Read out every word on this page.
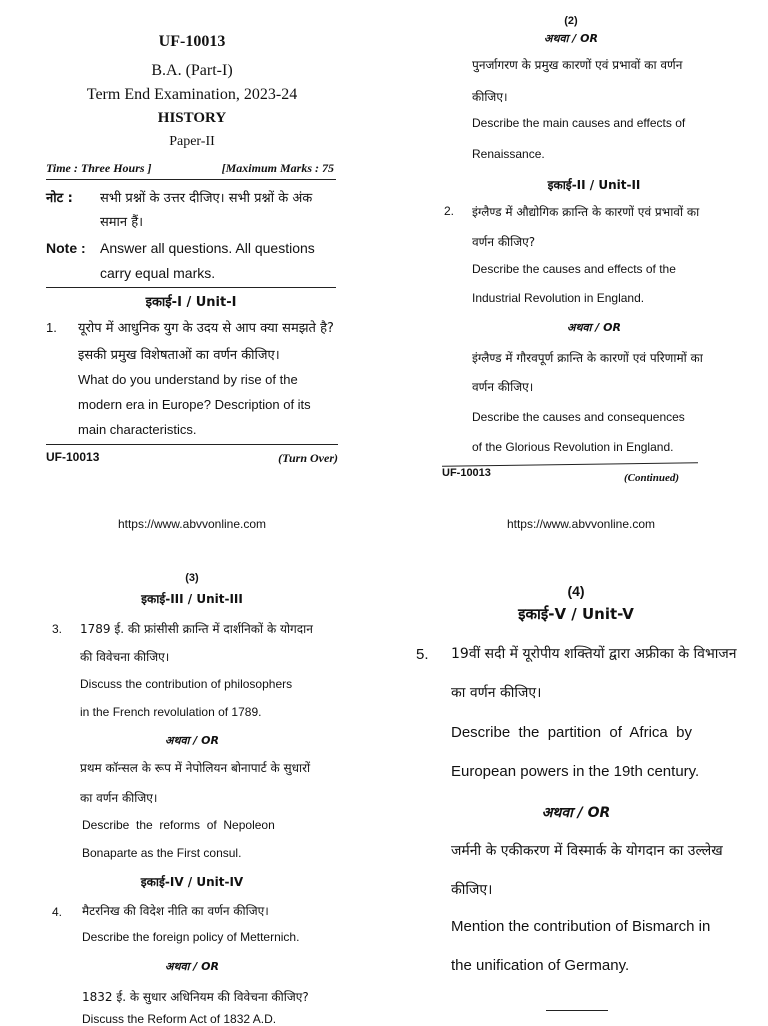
UF-10013
B.A. (Part-I)
Term End Examination, 2023-24
HISTORY
Paper-II
Time : Three Hours ]	[Maximum Marks : 75
नोट : सभी प्रश्नों के उत्तर दीजिए। सभी प्रश्नों के अंक
समान हैं।
Note : Answer all questions. All questions
carry equal marks.
इकाई-I / Unit-I
1. यूरोप में आधुनिक युग के उदय से आप क्या समझते है?
इसकी प्रमुख विशेषताओं का वर्णन कीजिए।
What do you understand by rise of the
modern era in Europe? Description of its
main characteristics.
UF-10013	(Turn Over)
https://www.abvvonline.com
(2)
अथवा / OR
पुनर्जागरण के प्रमुख कारणों एवं प्रभावों का वर्णन
कीजिए।
Describe the main causes and effects of
Renaissance.
इकाई-II / Unit-II
2. इंग्लैण्ड में औद्योगिक क्रान्ति के कारणों एवं प्रभावों का
वर्णन कीजिए?
Describe the causes and effects of the
Industrial Revolution in England.
अथवा / OR
इंग्लैण्ड में गौरवपूर्ण क्रान्ति के कारणों एवं परिणामों का
वर्णन कीजिए।
Describe the causes and consequences
of the Glorious Revolution in England.
UF-10013	(Continued)
https://www.abvvonline.com
(3)
इकाई-III / Unit-III
3. 1789 ई. की फ्रांसीसी क्रान्ति में दार्शनिकों के योगदान
की विवेचना कीजिए।
Discuss the contribution of philosophers
in the French revolulation of 1789.
अथवा / OR
प्रथम कॉन्सल के रूप में नेपोलियन बोनापार्ट के सुधारों
का वर्णन कीजिए।
Describe  the  reforms  of  Nepoleon
Bonaparte as the First consul.
इकाई-IV / Unit-IV
4. मैटरनिख की विदेश नीति का वर्णन कीजिए।
Describe the foreign policy of Metternich.
अथवा / OR
1832 ई. के सुधार अधिनियम की विवेचना कीजिए?
Discuss the Reform Act of 1832 A.D.
(4)
इकाई-V / Unit-V
5. 19वीं सदी में यूरोपीय शक्तियों द्वारा अफ्रीका के विभाजन
का वर्णन कीजिए।
Describe  the  partition  of  Africa  by
European powers in the 19th century.
अथवा / OR
जर्मनी के एकीकरण में विस्मार्क के योगदान का उल्लेख
कीजिए।
Mention the contribution of Bismarch in
the unification of Germany.
